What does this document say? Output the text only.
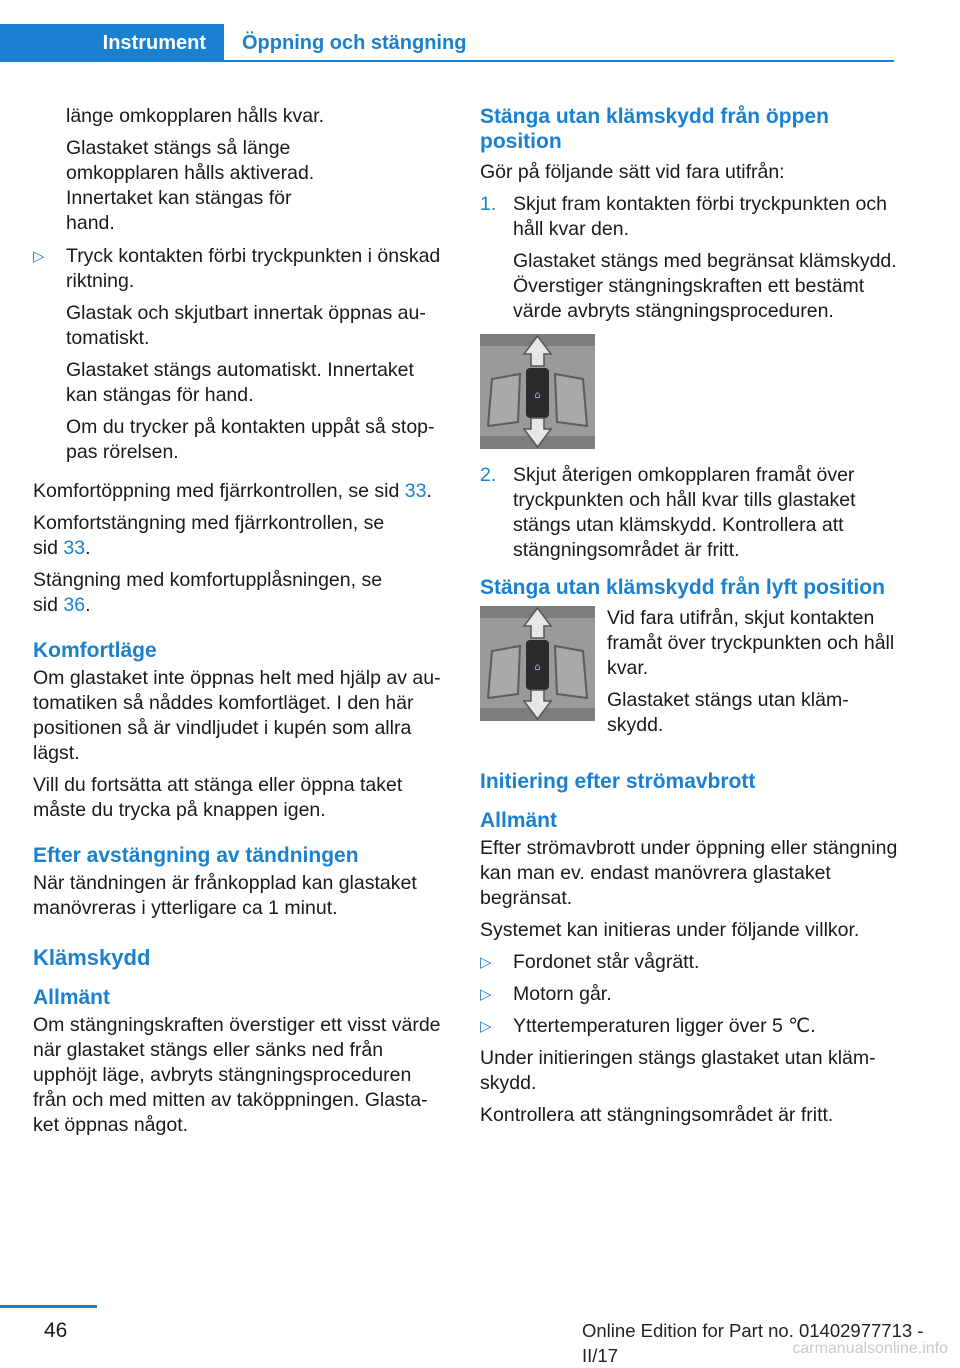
Instrument	Öppning och stängning

länge omkopplaren hålls kvar.

Glastaket stängs så länge omkopplaren hålls aktiverad. Innertaket kan stängas för hand.

▷ Tryck kontakten förbi tryckpunkten i önskad riktning.

Glastak och skjutbart innertak öppnas automatiskt.

Glastaket stängs automatiskt. Innertaket kan stängas för hand.

Om du trycker på kontakten uppåt så stoppas rörelsen.

Komfortöppning med fjärrkontrollen, se sid 33.

Komfortstängning med fjärrkontrollen, se sid 33.

Stängning med komfortupplåsningen, se sid 36.

Komfortläge

Om glastaket inte öppnas helt med hjälp av automatiken så nåddes komfortläget. I den här positionen så är vindljudet i kupén som allra lägst.

Vill du fortsätta att stänga eller öppna taket måste du trycka på knappen igen.

Efter avstängning av tändningen

När tändningen är frånkopplad kan glastaket manövreras i ytterligare ca 1 minut.

Klämskydd
Allmänt

Om stängningskraften överstiger ett visst värde när glastaket stängs eller sänks ned från upphöjt läge, avbryts stängningsproceduren från och med mitten av taköppningen. Glastaket öppnas något.

Stänga utan klämskydd från öppen position

Gör på följande sätt vid fara utifrån:

1. Skjut fram kontakten förbi tryckpunkten och håll kvar den.

Glastaket stängs med begränsat klämskydd. Överstiger stängningskraften ett bestämt värde avbryts stängningsproceduren.

⌂
2. Skjut återigen omkopplaren framåt över tryckpunkten och håll kvar tills glastaket stängs utan klämskydd. Kontrollera att stängningsområdet är fritt.

Stänga utan klämskydd från lyft position
⌂

Vid fara utifrån, skjut kontakten framåt över tryckpunkten och håll kvar.

Glastaket stängs utan klämskydd.

Initiering efter strömavbrott
Allmänt

Efter strömavbrott under öppning eller stängning kan man ev. endast manövrera glastaket begränsat.

Systemet kan initieras under följande villkor.

▷ Fordonet står vågrätt.

▷ Motorn går.

▷ Yttertemperaturen ligger över 5 ℃.

Under initieringen stängs glastaket utan klämskydd.

Kontrollera att stängningsområdet är fritt.

46	Online Edition for Part no. 01402977713 - II/17	carmanualsonline.info
